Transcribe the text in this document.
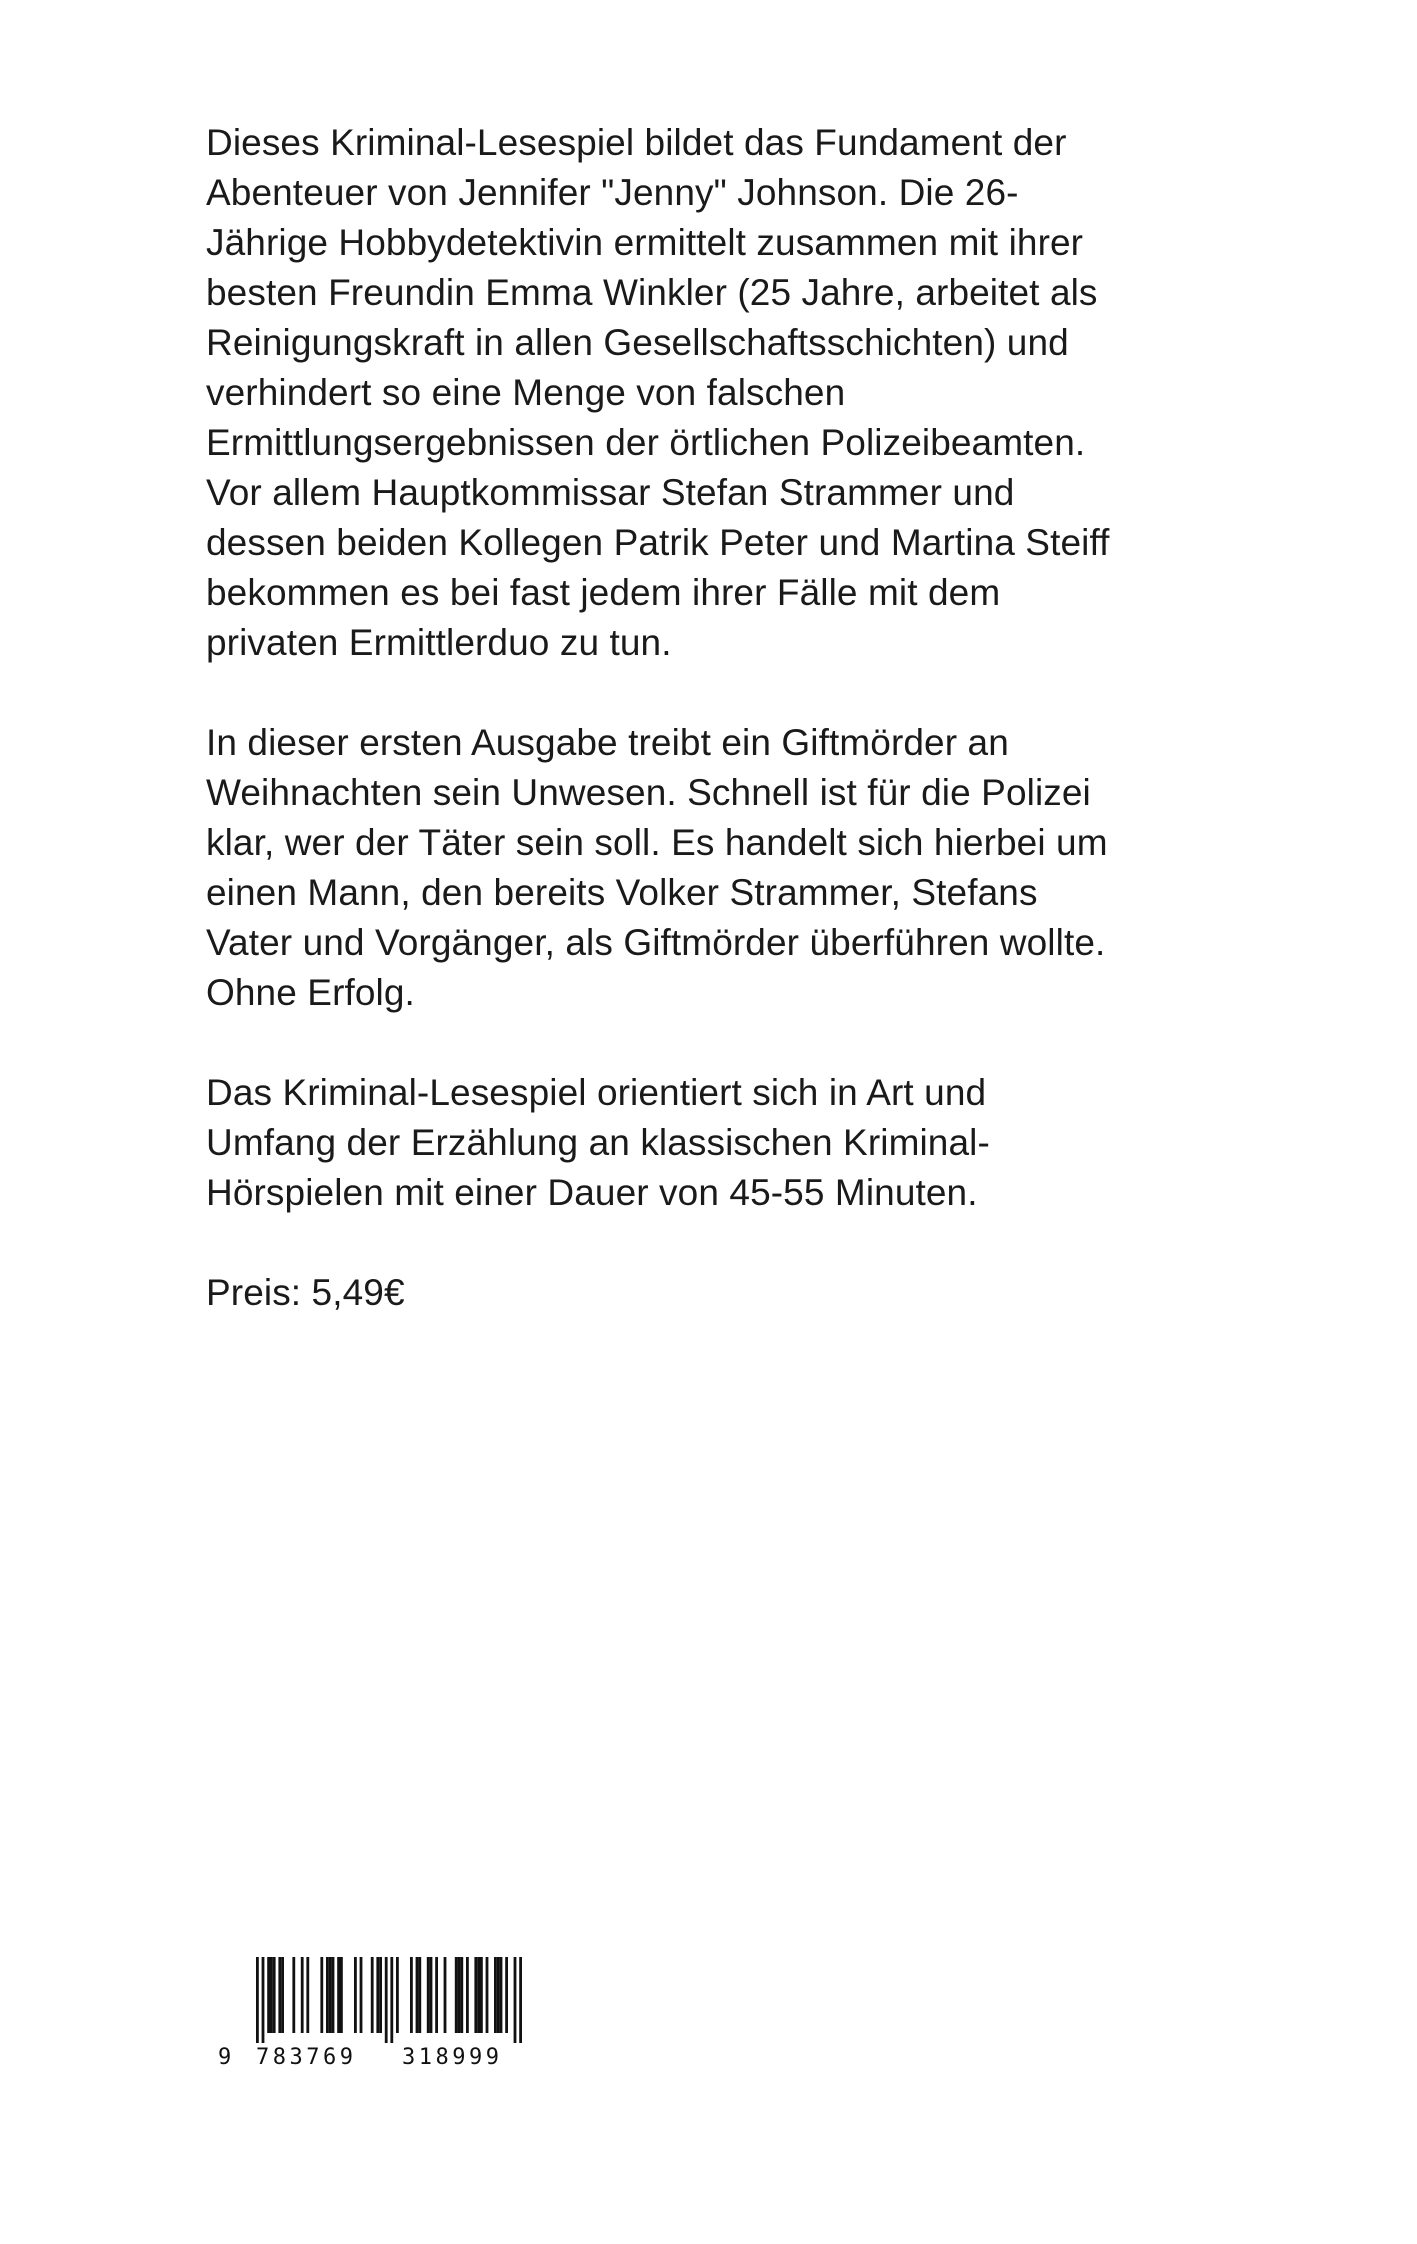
Dieses Kriminal-Lesespiel bildet das Fundament der
Abenteuer von Jennifer "Jenny" Johnson. Die 26-
Jährige Hobbydetektivin ermittelt zusammen mit ihrer
besten Freundin Emma Winkler (25 Jahre, arbeitet als
Reinigungskraft in allen Gesellschaftsschichten) und
verhindert so eine Menge von falschen
Ermittlungsergebnissen der örtlichen Polizeibeamten.
Vor allem Hauptkommissar Stefan Strammer und
dessen beiden Kollegen Patrik Peter und Martina Steiff
bekommen es bei fast jedem ihrer Fälle mit dem
privaten Ermittlerduo zu tun.
In dieser ersten Ausgabe treibt ein Giftmörder an
Weihnachten sein Unwesen. Schnell ist für die Polizei
klar, wer der Täter sein soll. Es handelt sich hierbei um
einen Mann, den bereits Volker Strammer, Stefans
Vater und Vorgänger, als Giftmörder überführen wollte.
Ohne Erfolg.
Das Kriminal-Lesespiel orientiert sich in Art und
Umfang der Erzählung an klassischen Kriminal-
Hörspielen mit einer Dauer von 45-55 Minuten.
Preis: 5,49€

9

783769

318999
